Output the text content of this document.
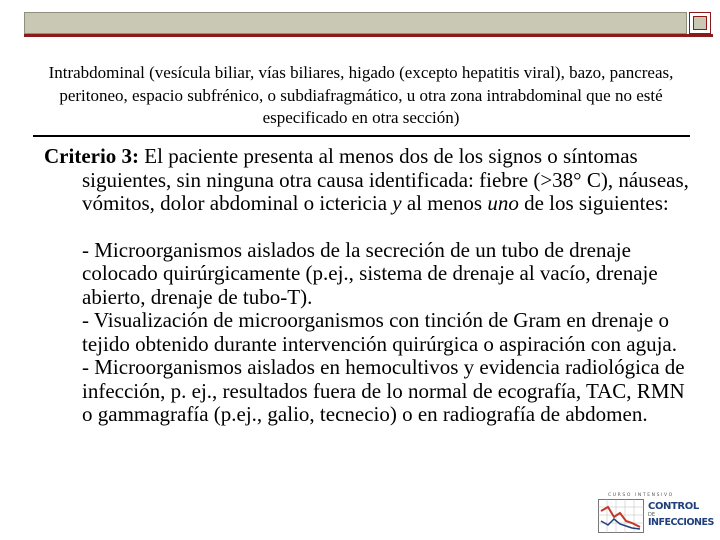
Intrabdominal (vesícula biliar, vías biliares, higado (excepto hepatitis viral), bazo, pancreas, peritoneo, espacio subfrénico, o subdiafragmático, u otra zona intrabdominal que no esté especificado en otra sección)

Criterio 3: El paciente presenta al menos dos de los signos o síntomas siguientes, sin ninguna otra causa identificada: fiebre (>38° C), náuseas, vómitos, dolor abdominal o ictericia y al menos uno de los siguientes:

- Microorganismos aislados de la secreción de un tubo de drenaje colocado quirúrgicamente (p.ej., sistema de drenaje al vacío, drenaje abierto, drenaje de tubo-T).

- Visualización de microorganismos con tinción de Gram en drenaje o tejido obtenido durante intervención quirúrgica o aspiración con aguja.

- Microorganismos aislados en hemocultivos y evidencia radiológica de infección, p. ej., resultados fuera de lo normal de ecografía, TAC, RMN o gammagrafía (p.ej., galio, tecnecio) o en radiografía de abdomen.

CURSO INTENSIVO
CONTROL
DE
INFECCIONES
